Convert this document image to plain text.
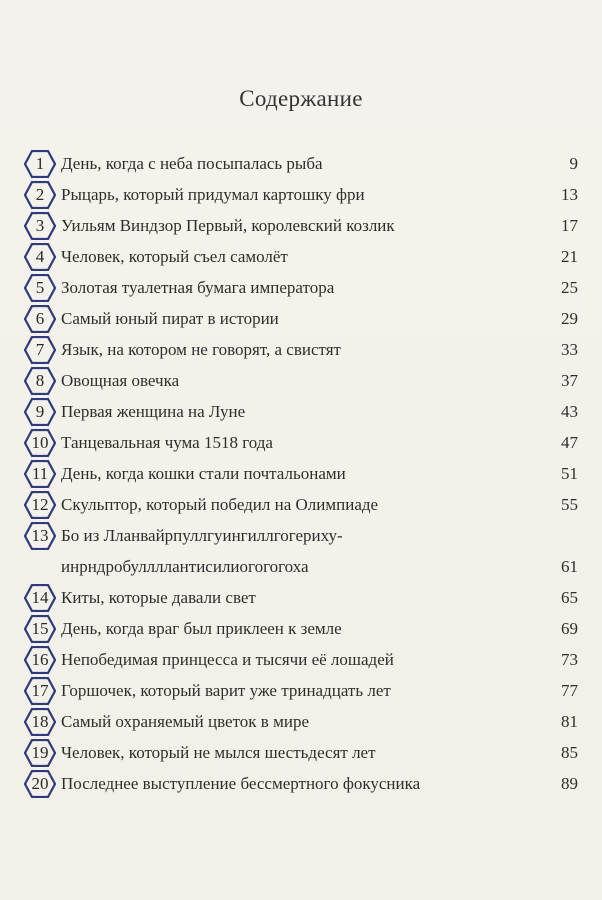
Содержание
1 День, когда с неба посыпалась рыба	9
2 Рыцарь, который придумал картошку фри	13
3 Уильям Виндзор Первый, королевский козлик	17
4 Человек, который съел самолёт	21
5 Золотая туалетная бумага императора	25
6 Самый юный пират в истории	29
7 Язык, на котором не говорят, а свистят	33
8 Овощная овечка	37
9 Первая женщина на Луне	43
10 Танцевальная чума 1518 года	47
11 День, когда кошки стали почтальонами	51
12 Скульптор, который победил на Олимпиаде	55
13 Бо из Лланвайрпуллгуингиллгогериху-
инрндробуллллантисилиогогогоха	61
14 Киты, которые давали свет	65
15 День, когда враг был приклеен к земле	69
16 Непобедимая принцесса и тысячи её лошадей	73
17 Горшочек, который варит уже тринадцать лет	77
18 Самый охраняемый цветок в мире	81
19 Человек, который не мылся шестьдесят лет	85
20 Последнее выступление бессмертного фокусника	89
